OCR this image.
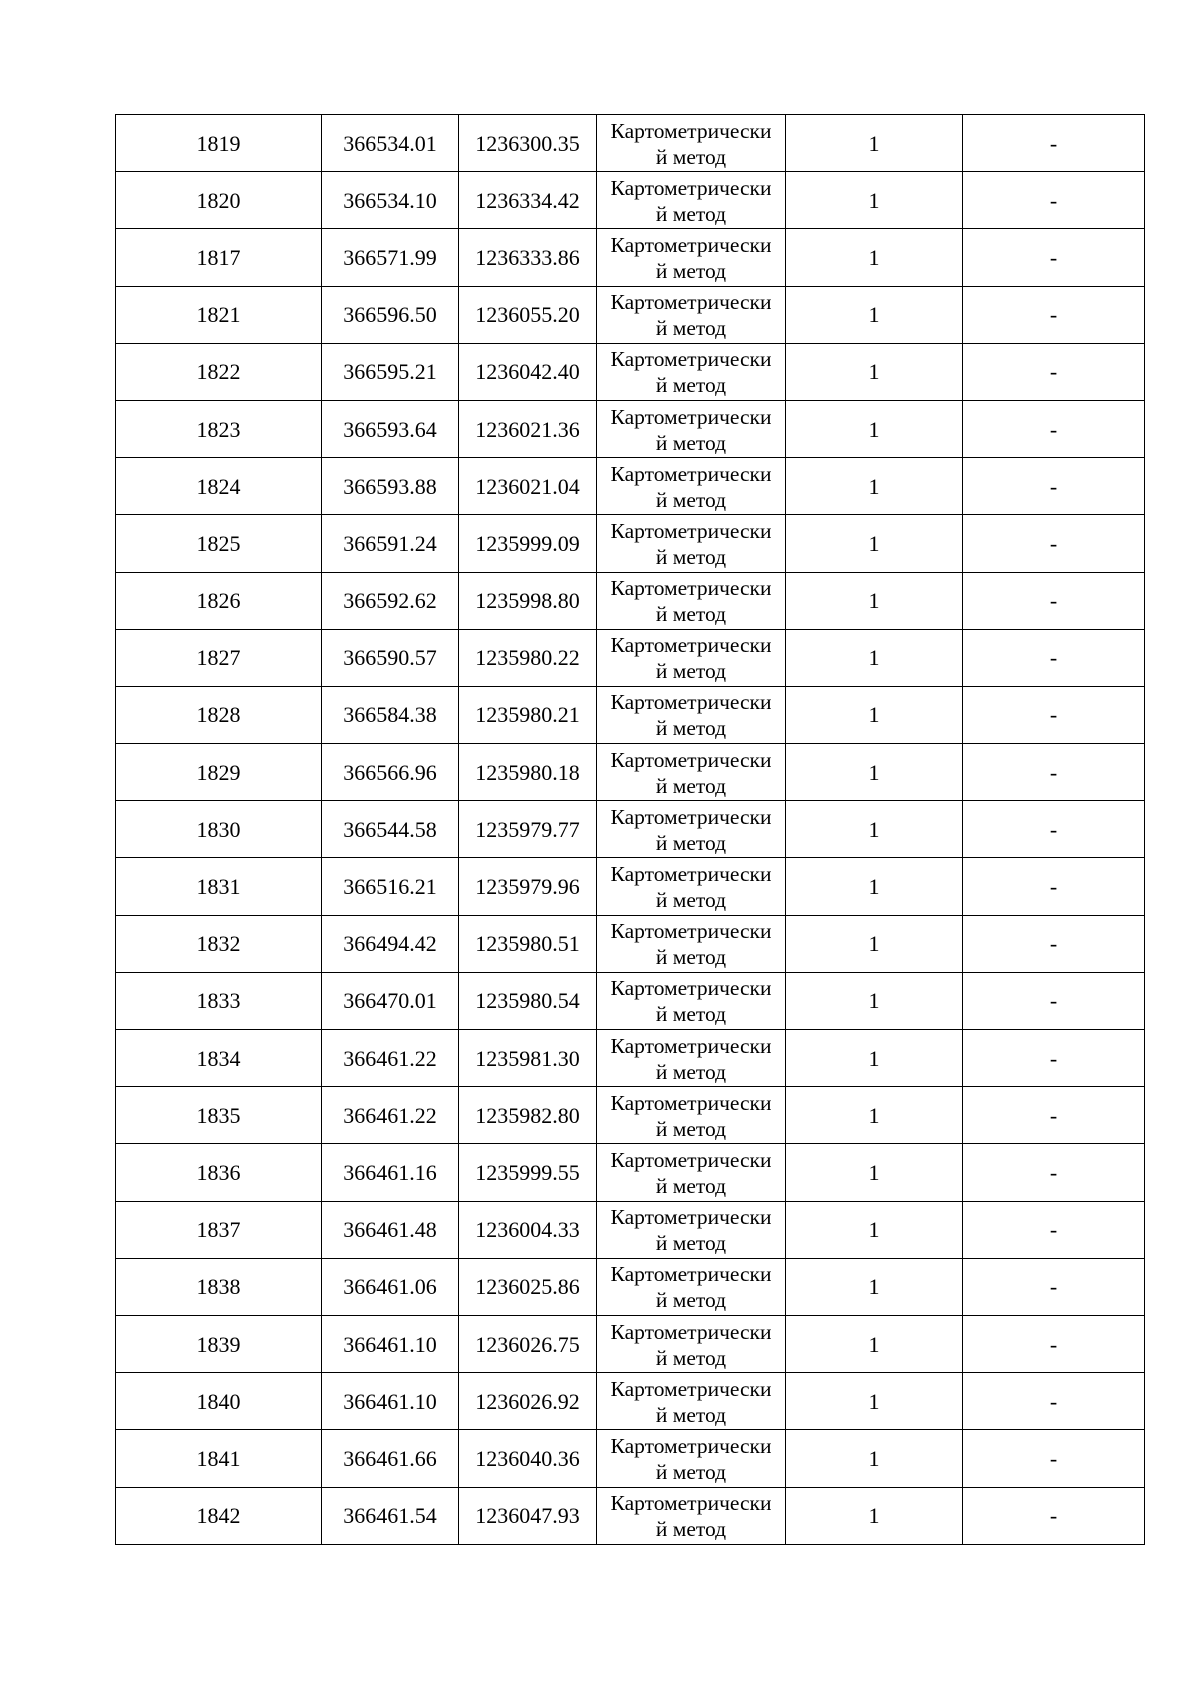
1819	366534.01	1236300.35	Картометрически
й метод	1	-
1820	366534.10	1236334.42	Картометрически
й метод	1	-
1817	366571.99	1236333.86	Картометрически
й метод	1	-
1821	366596.50	1236055.20	Картометрически
й метод	1	-
1822	366595.21	1236042.40	Картометрически
й метод	1	-
1823	366593.64	1236021.36	Картометрически
й метод	1	-
1824	366593.88	1236021.04	Картометрически
й метод	1	-
1825	366591.24	1235999.09	Картометрически
й метод	1	-
1826	366592.62	1235998.80	Картометрически
й метод	1	-
1827	366590.57	1235980.22	Картометрически
й метод	1	-
1828	366584.38	1235980.21	Картометрически
й метод	1	-
1829	366566.96	1235980.18	Картометрически
й метод	1	-
1830	366544.58	1235979.77	Картометрически
й метод	1	-
1831	366516.21	1235979.96	Картометрически
й метод	1	-
1832	366494.42	1235980.51	Картометрически
й метод	1	-
1833	366470.01	1235980.54	Картометрически
й метод	1	-
1834	366461.22	1235981.30	Картометрически
й метод	1	-
1835	366461.22	1235982.80	Картометрически
й метод	1	-
1836	366461.16	1235999.55	Картометрически
й метод	1	-
1837	366461.48	1236004.33	Картометрически
й метод	1	-
1838	366461.06	1236025.86	Картометрически
й метод	1	-
1839	366461.10	1236026.75	Картометрически
й метод	1	-
1840	366461.10	1236026.92	Картометрически
й метод	1	-
1841	366461.66	1236040.36	Картометрически
й метод	1	-
1842	366461.54	1236047.93	Картометрически
й метод	1	-
